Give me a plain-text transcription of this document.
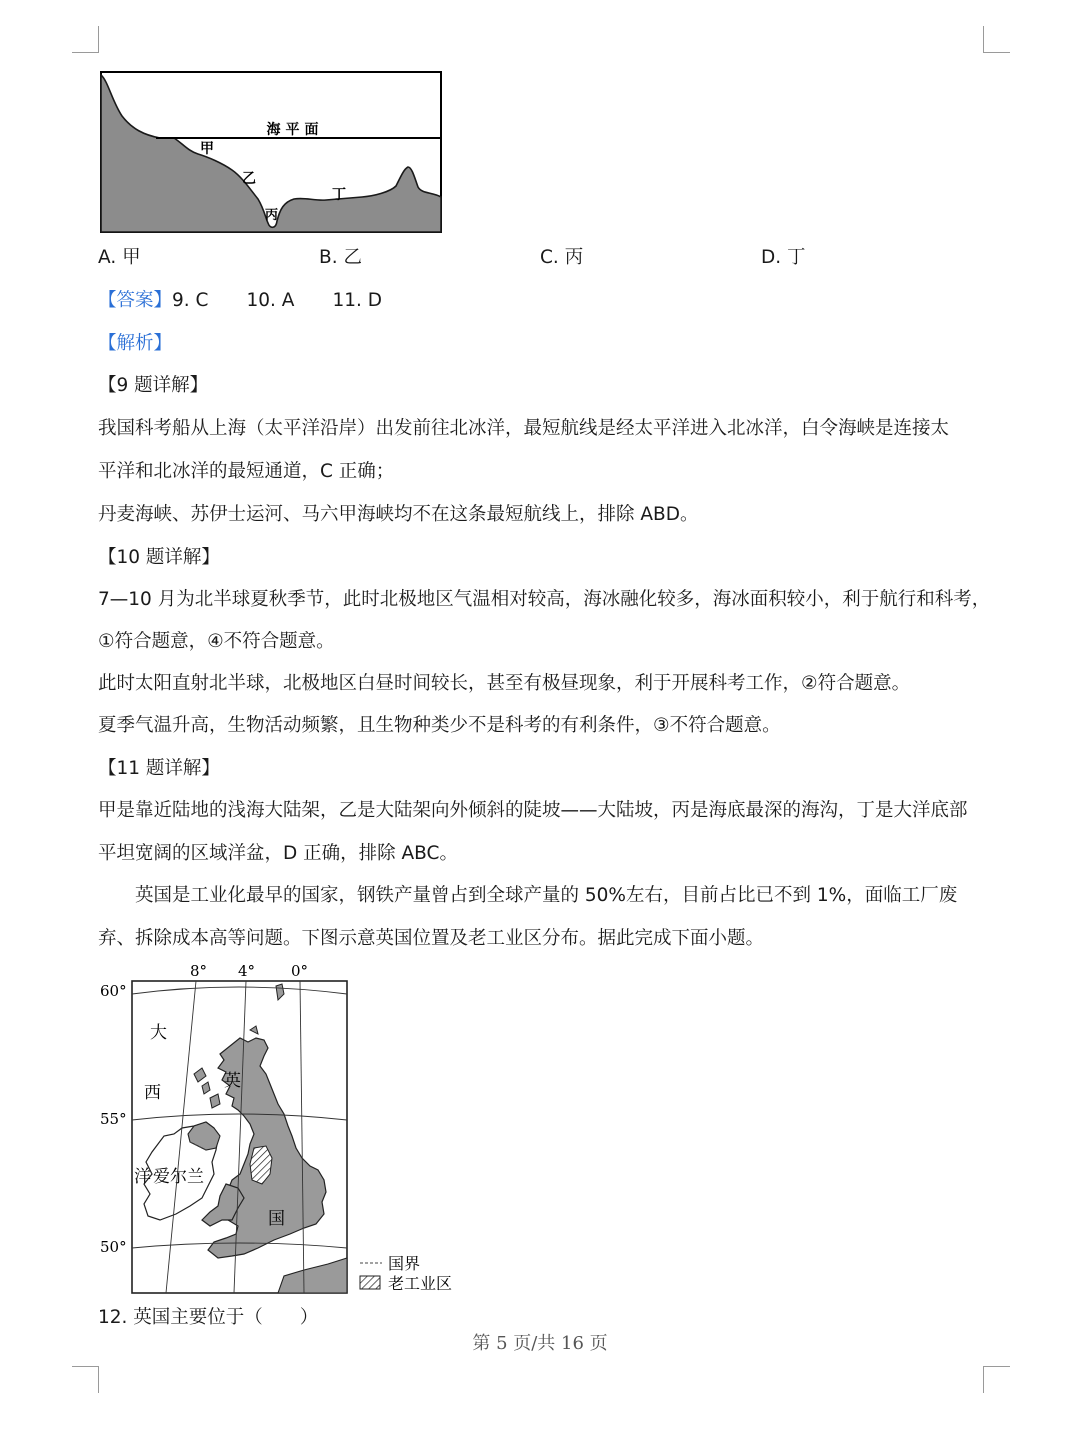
海平面
甲
乙
丙
丁
A. 甲	B. 乙	C. 丙	D. 丁
【答案】9. C 10. A 11. D
【解析】
【9 题详解】
我国科考船从上海（太平洋沿岸）出发前往北冰洋，最短航线是经太平洋进入北冰洋，白令海峡是连接太
平洋和北冰洋的最短通道，C 正确；
丹麦海峡、苏伊士运河、马六甲海峡均不在这条最短航线上，排除 ABD。
【10 题详解】
7—10 月为北半球夏秋季节，此时北极地区气温相对较高，海冰融化较多，海冰面积较小，利于航行和科考，
①符合题意，④不符合题意。
此时太阳直射北半球，北极地区白昼时间较长，甚至有极昼现象，利于开展科考工作，②符合题意。
夏季气温升高，生物活动频繁，且生物种类少不是科考的有利条件，③不符合题意。
【11 题详解】
甲是靠近陆地的浅海大陆架，乙是大陆架向外倾斜的陡坡——大陆坡，丙是海底最深的海沟，丁是大洋底部
平坦宽阔的区域洋盆，D 正确，排除 ABC。
英国是工业化最早的国家，钢铁产量曾占到全球产量的 50%左右，目前占比已不到 1%，面临工厂废
弃、拆除成本高等问题。下图示意英国位置及老工业区分布。据此完成下面小题。
8° 4° 0°
60°
55°
50°
大
西
洋 爱尔兰
英
国
国界
老工业区
12. 英国主要位于（　　）
第 5 页/共 16 页
